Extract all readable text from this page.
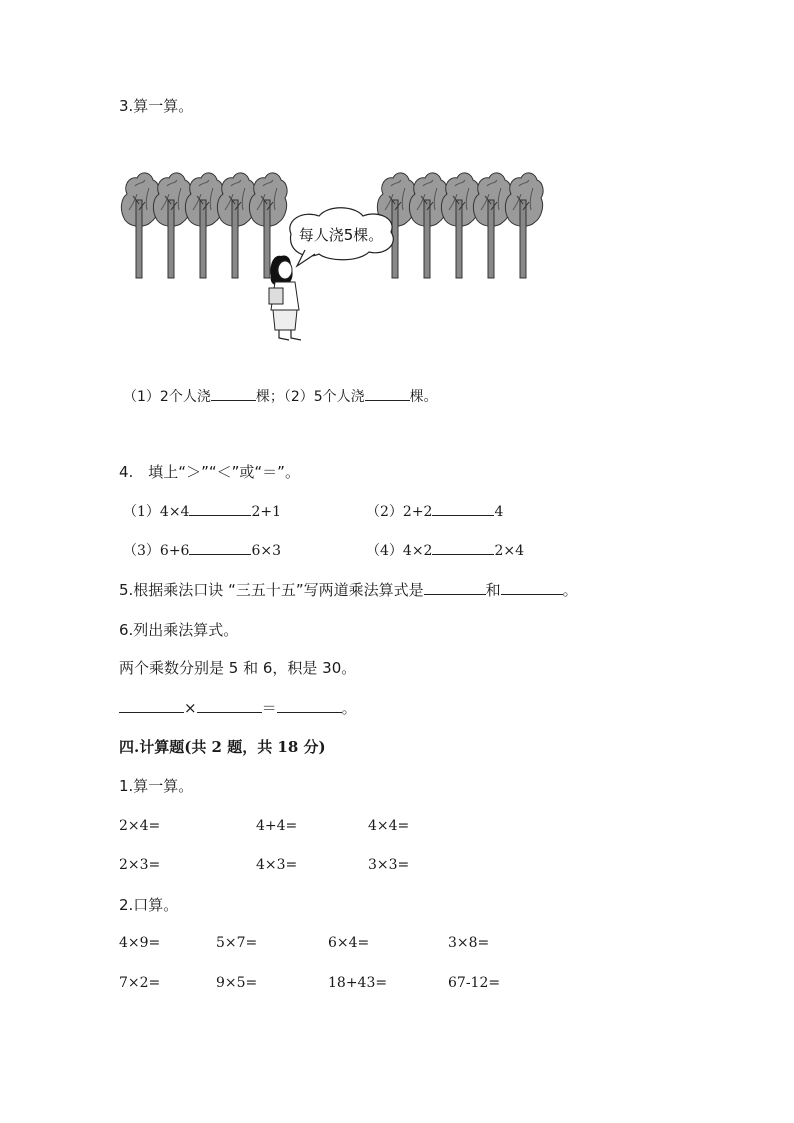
3.算一算。
每人浇5棵。
（1）2个人浇	棵；（2）5个人浇	棵。
4.　填上“＞”“＜”或“＝”。
（1）4×4	2+1	（2）2+2	4
（3）6+6	6×3	（4）4×2	2×4
5.根据乘法口诀 “三五十五”写两道乘法算式是	和	。
6.列出乘法算式。
两个乘数分别是 5 和 6，积是 30。
×	＝	。
四.计算题(共 2 题，共 18 分)
1.算一算。
2×4=	4+4=	4×4=
2×3=	4×3=	3×3=
2.口算。
4×9=	5×7=	6×4=	3×8=
7×2=	9×5=	18+43=	67-12=
